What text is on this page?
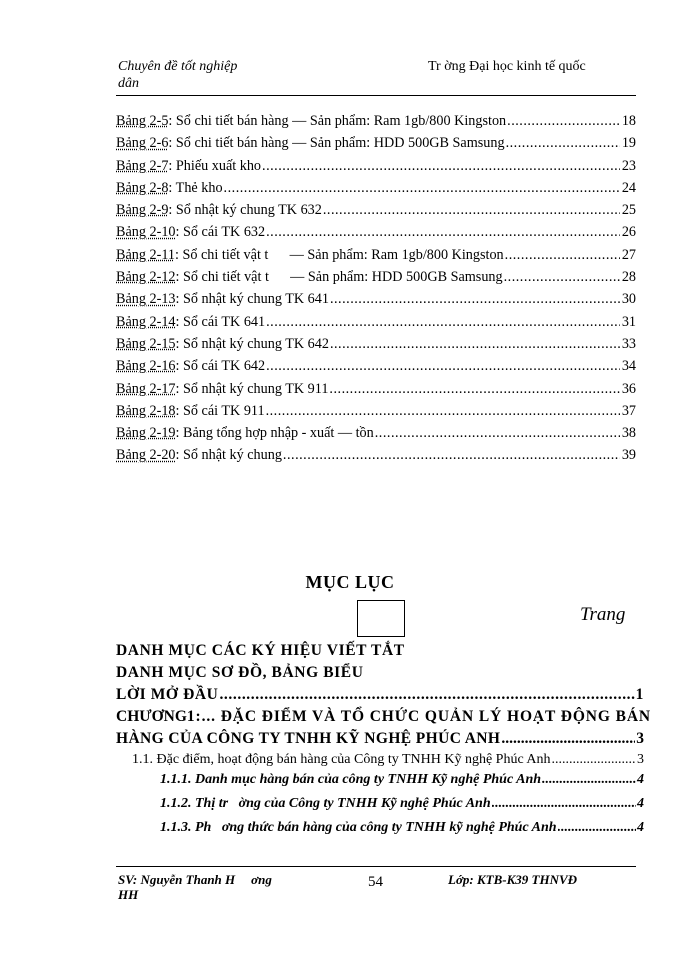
Chuyên đề tốt nghiệp
dân
Tr ờng Đại học kinh tế quốc
Bảng 2-5 : Sổ chi tiết bán hàng — Sản phẩm: Ram 1gb/800 Kingston .....	18
Bảng 2-6 : Sổ chi tiết bán hàng — Sản phẩm: HDD 500GB Samsung .....	19
Bảng 2-7 : Phiếu xuất kho .....	23
Bảng 2-8 : Thẻ kho .....	24
Bảng 2-9 : Sổ nhật ký chung TK 632 .....	25
Bảng 2-10 : Sổ cái TK 632 .....	26
Bảng 2-11 : Sổ chi tiết vật t      — Sản phẩm: Ram 1gb/800 Kingston .....	27
Bảng 2-12 : Sổ chi tiết vật t      — Sản phẩm: HDD 500GB Samsung .....	28
Bảng 2-13 : Sổ nhật ký chung TK 641 .....	30
Bảng 2-14 : Sổ cái TK 641 .....	31
Bảng 2-15 : Sổ nhật ký chung TK 642 .....	33
Bảng 2-16 : Sổ cái TK 642 .....	34
Bảng 2-17 : Sổ nhật ký chung TK 911 .....	36
Bảng 2-18 : Sổ cái TK 911 .....	37
Bảng 2-19 : Bảng tổng hợp nhập - xuất — tồn .....	38
Bảng 2-20 : Sổ nhật ký chung .....	39
MỤC LỤC
Trang
DANH MỤC CÁC KÝ HIỆU VIẾT TẮT
DANH MỤC SƠ ĐỒ, BẢNG BIỂU
LỜI MỞ ĐẦU .....	1
CHƯƠNG 1:... ĐẶC ĐIỂM VÀ TỔ CHỨC QUẢN LÝ HOẠT ĐỘNG BÁN
HÀNG CỦA CÔNG TY TNHH KỸ NGHỆ PHÚC ANH .....	3
1.1. Đặc điểm, hoạt động bán hàng của Công ty TNHH Kỹ nghệ Phúc Anh .....	3
1.1.1. Danh mục hàng bán của công ty TNHH Kỹ nghệ Phúc Anh .....	4
1.1.2. Thị tr   ờng của Công ty TNHH Kỹ nghệ Phúc Anh .....	4
1.1.3. Ph   ơng thức bán hàng của công ty TNHH kỹ nghệ Phúc Anh .....	4
SV: Nguyễn Thanh H ơng
HH
54	Lớp: KTB-K39 THNVĐ
